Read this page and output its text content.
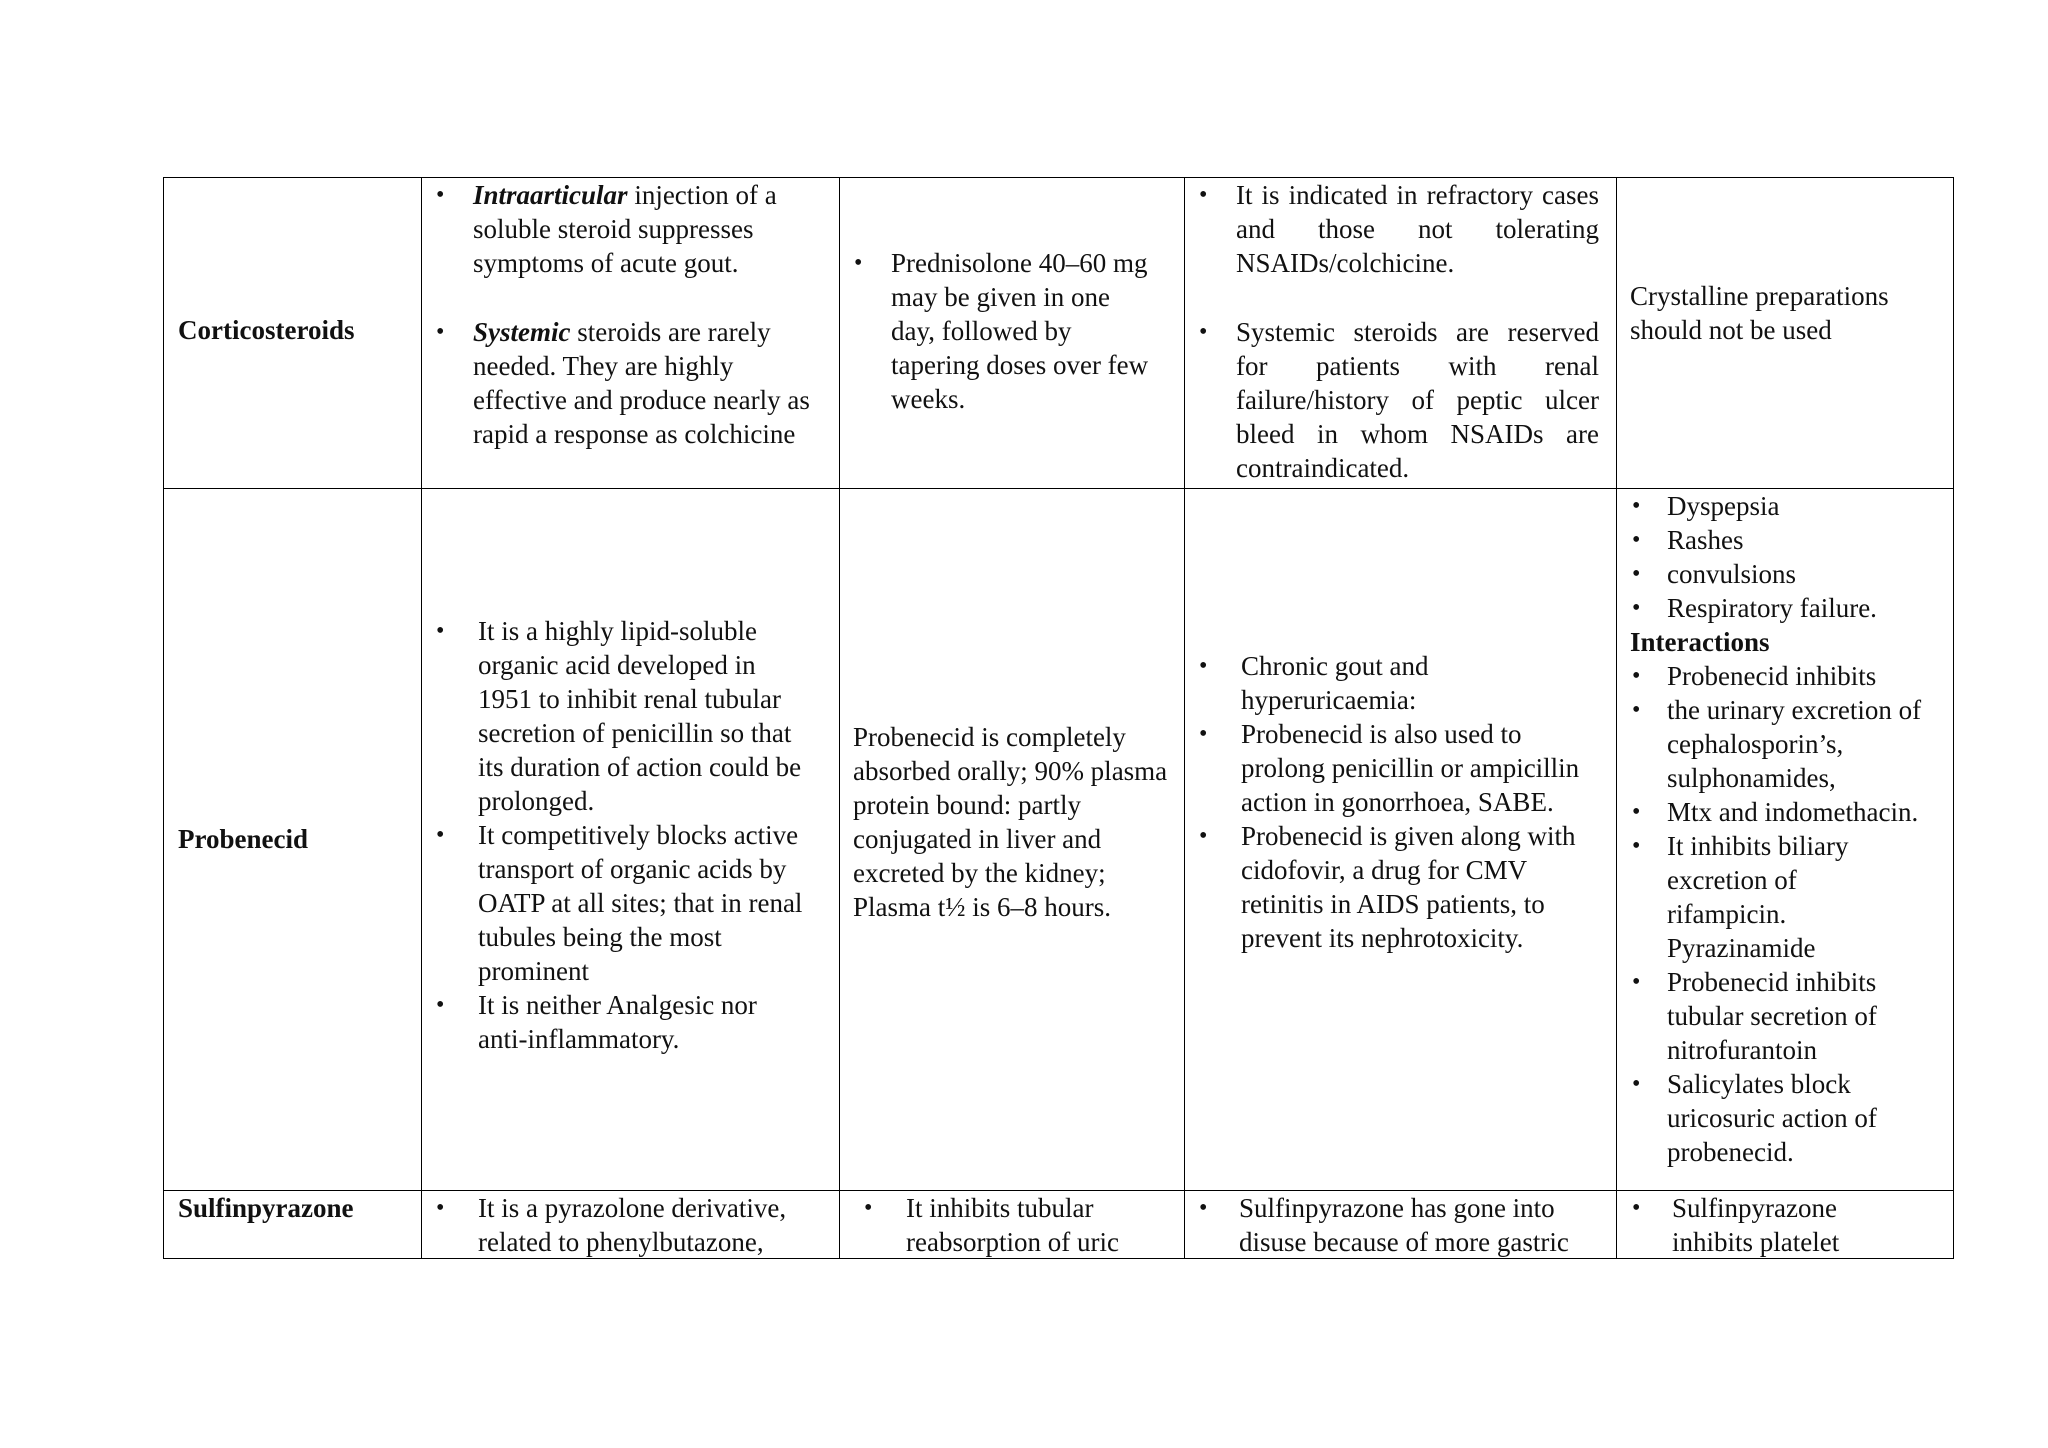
Corticosteroids
• Intraarticular injection of a soluble steroid suppresses symptoms of acute gout.
• Systemic steroids are rarely needed. They are highly effective and produce nearly as rapid a response as colchicine
• Prednisolone 40–60 mg may be given in one day, followed by tapering doses over few weeks.
• It is indicated in refractory cases and those not tolerating NSAIDs/colchicine.
• Systemic steroids are reserved for patients with renal failure/history of peptic ulcer bleed in whom NSAIDs are contraindicated.
Crystalline preparations should not be used
Probenecid
• It is a highly lipid-soluble organic acid developed in 1951 to inhibit renal tubular secretion of penicillin so that its duration of action could be prolonged.
• It competitively blocks active transport of organic acids by OATP at all sites; that in renal tubules being the most prominent
• It is neither Analgesic nor anti-inflammatory.
Probenecid is completely absorbed orally; 90% plasma protein bound: partly conjugated in liver and excreted by the kidney; Plasma t½ is 6–8 hours.
• Chronic gout and hyperuricaemia:
• Probenecid is also used to prolong penicillin or ampicillin action in gonorrhoea, SABE.
• Probenecid is given along with cidofovir, a drug for CMV retinitis in AIDS patients, to prevent its nephrotoxicity.
• Dyspepsia
• Rashes
• convulsions
• Respiratory failure.
Interactions
• Probenecid inhibits
• the urinary excretion of cephalosporin’s, sulphonamides,
• Mtx and indomethacin.
• It inhibits biliary excretion of rifampicin. Pyrazinamide
• Probenecid inhibits tubular secretion of nitrofurantoin
• Salicylates block uricosuric action of probenecid.
Sulfinpyrazone
•	It is a pyrazolone derivative, related to phenylbutazone,
• It inhibits tubular reabsorption of uric
• Sulfinpyrazone has gone into disuse because of more gastric
• Sulfinpyrazone inhibits platelet
